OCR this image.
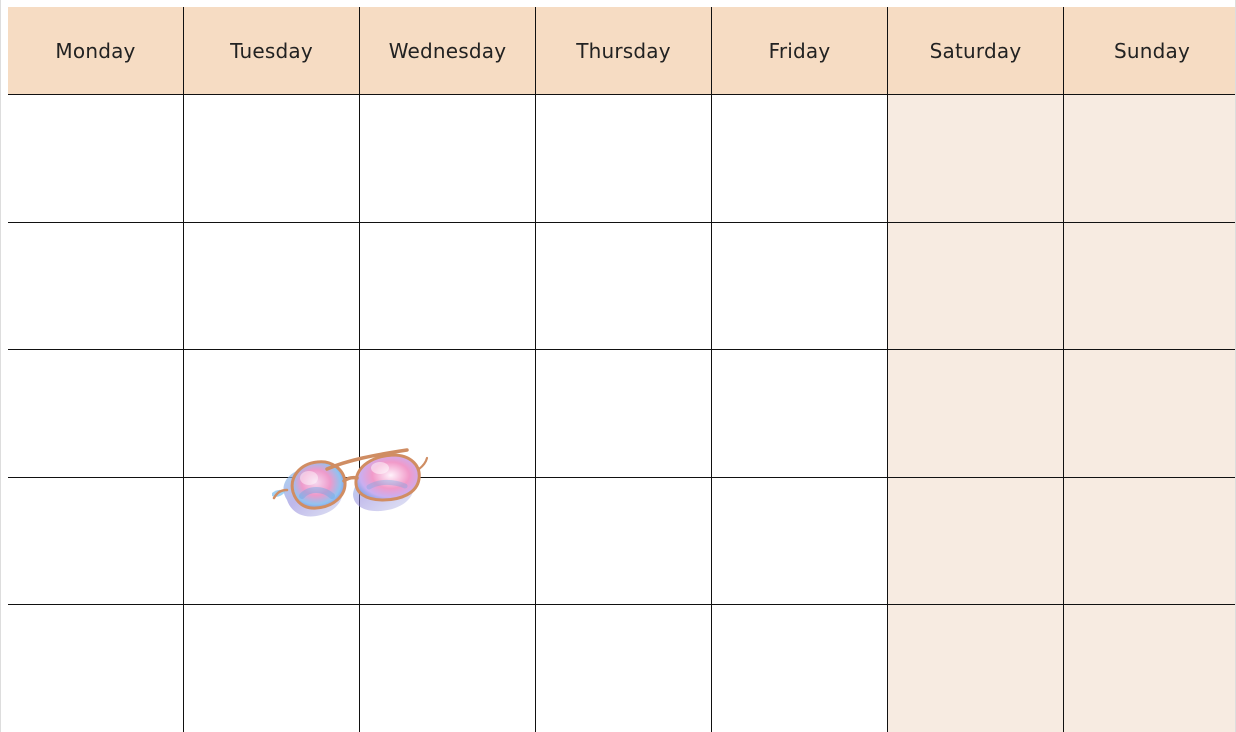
Monday	Tuesday	Wednesday	Thursday	Friday	Saturday	Sunday
